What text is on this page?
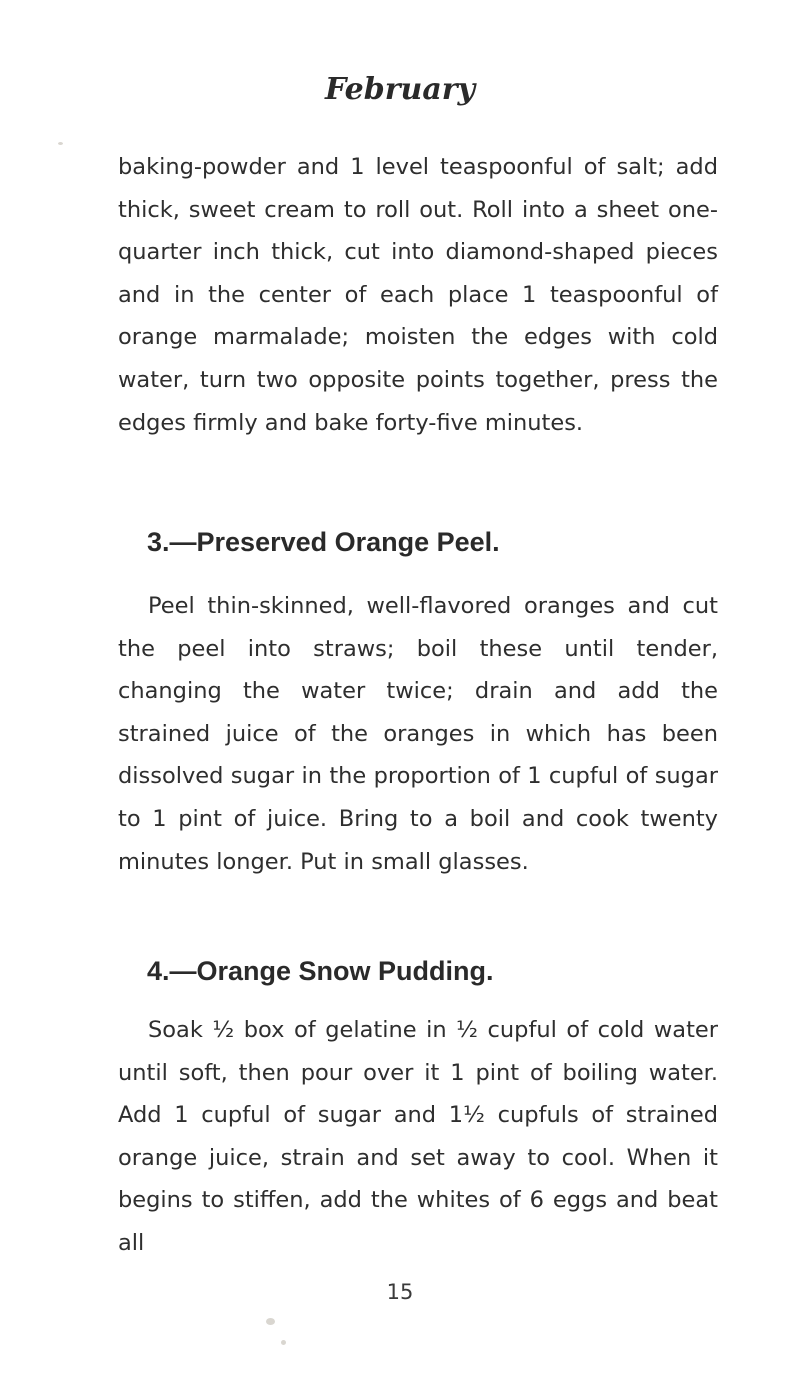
February

baking-powder and 1 level teaspoonful of salt; add thick, sweet cream to roll out. Roll into a sheet one-quarter inch thick, cut into diamond-shaped pieces and in the center of each place 1 teaspoonful of orange marmalade; moisten the edges with cold water, turn two opposite points together, press the edges firmly and bake forty-five minutes.

3.—Preserved Orange Peel.

Peel thin-skinned, well-flavored oranges and cut the peel into straws; boil these until tender, changing the water twice; drain and add the strained juice of the oranges in which has been dissolved sugar in the proportion of 1 cupful of sugar to 1 pint of juice. Bring to a boil and cook twenty minutes longer. Put in small glasses.

4.—Orange Snow Pudding.

Soak ½ box of gelatine in ½ cupful of cold water until soft, then pour over it 1 pint of boiling water. Add 1 cupful of sugar and 1½ cupfuls of strained orange juice, strain and set away to cool. When it begins to stiffen, add the whites of 6 eggs and beat all

15
